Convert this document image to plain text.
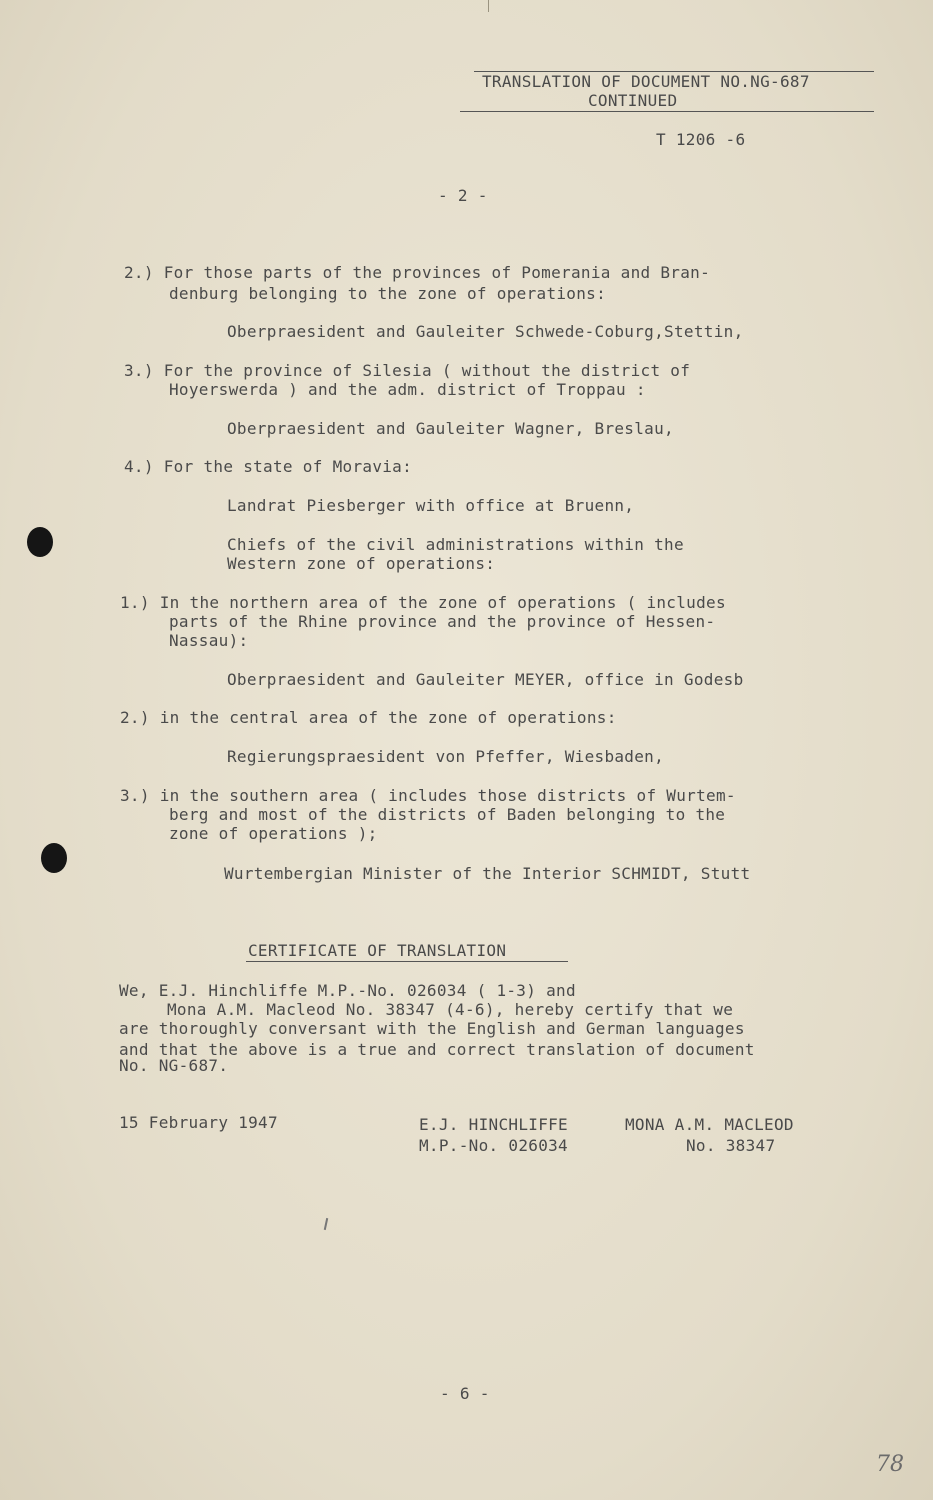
TRANSLATION OF DOCUMENT NO.NG-687
CONTINUED
T 1206 -6
- 2 -
2.) For those parts of the provinces of Pomerania and Bran-
denburg belonging to the zone of operations:
Oberpraesident and Gauleiter Schwede-Coburg,Stettin,
3.) For the province of Silesia ( without the district of
Hoyerswerda ) and the adm. district of Troppau :
Oberpraesident and Gauleiter Wagner, Breslau,
4.) For the state of Moravia:
Landrat Piesberger with office at Bruenn,
Chiefs of the civil administrations within the
Western zone of operations:
1.) In the northern area of the zone of operations ( includes
parts of the Rhine province and the province of Hessen-
Nassau):
Oberpraesident and Gauleiter MEYER, office in Godesb
2.) in the central area of the zone of operations:
Regierungspraesident von Pfeffer, Wiesbaden,
3.) in the southern area ( includes those districts of Wurtem-
berg and most of the districts of Baden belonging to the
zone of operations );
Wurtembergian Minister of the Interior SCHMIDT, Stutt
CERTIFICATE OF TRANSLATION
We, E.J. Hinchliffe M.P.-No. 026034 ( 1-3) and
Mona A.M. Macleod No. 38347 (4-6), hereby certify that we
are thoroughly conversant with the English and German languages
and that the above is a true and correct translation of document
No. NG-687.
15 February 1947	E.J. HINCHLIFFE
M.P.-No. 026034
MONA A.M. MACLEOD
No. 38347
- 6 -
78
